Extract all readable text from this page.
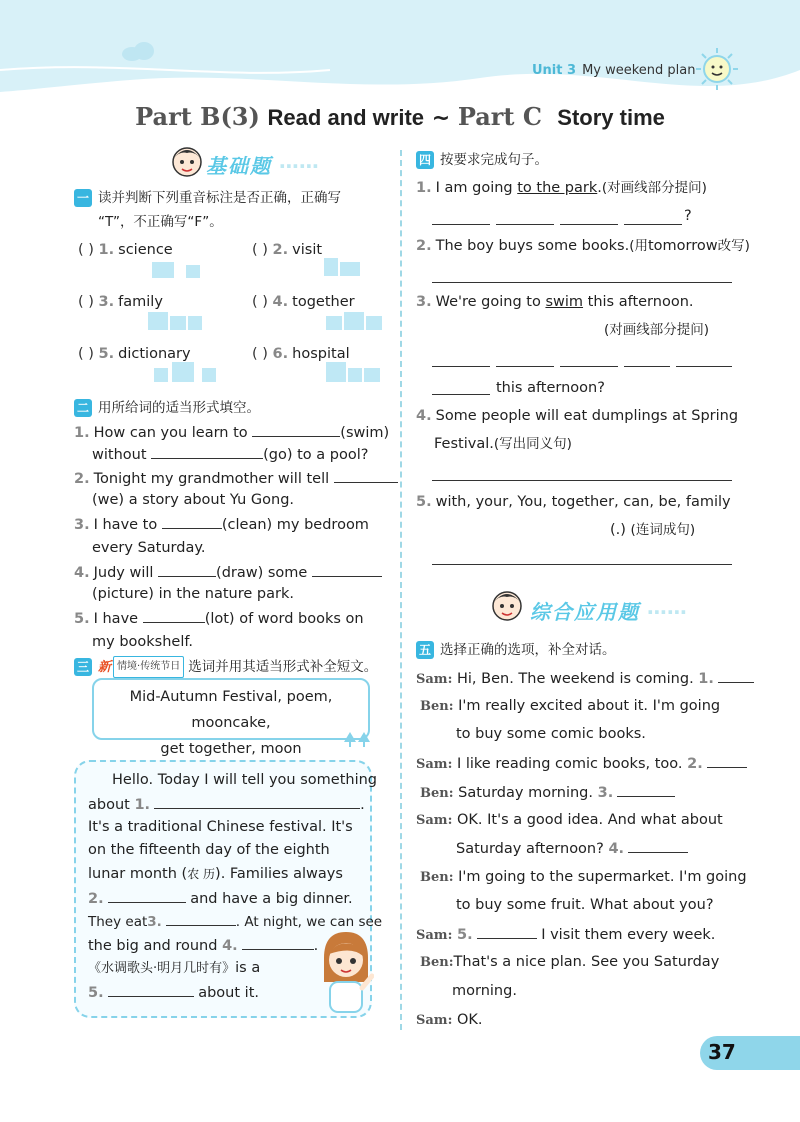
Unit 3 My weekend plan
Part B(3) Read and write ~ Part C Story time
基础题 ⋯⋯
一 读并判断下列重音标注是否正确，正确写
“T”，不正确写“F”。
( ) 1. science	( ) 2. visit
( ) 3. family	( ) 4. together
( ) 5. dictionary	( ) 6. hospital
二 用所给词的适当形式填空。
1. How can you learn to	(swim)
without	(go) to a pool?
2. Tonight my grandmother will tell
(we) a story about Yu Gong.
3. I have to	(clean) my bedroom
every Saturday.
4. Judy will	(draw) some
(picture) in the nature park.
5. I have	(lot) of word books on
my bookshelf.
三 新 情境·传统节日 选词并用其适当形式补全短文。
Mid-Autumn Festival, poem, mooncake,
get together, moon
Hello. Today I will tell you something
about 1.	.
It's a traditional Chinese festival. It's
on the fifteenth day of the eighth
lunar month (农 历). Families always
2.	and have a big dinner.
They eat3.	. At night, we can see
the big and round 4.	.
《水调歌头·明月几时有》is a
5.	about it.
四 按要求完成句子。
1. I am going to the park.(对画线部分提问)
?
2. The boy buys some books.(用tomorrow改写)
3. We're going to swim this afternoon.
(对画线部分提问)
this afternoon?
4. Some people will eat dumplings at Spring
Festival.(写出同义句)
5. with, your, You, together, can, be, family
(.) (连词成句)
综合应用题 ⋯⋯
五 选择正确的选项，补全对话。
Sam: Hi, Ben. The weekend is coming. 1.
Ben: I'm really excited about it. I'm going
to buy some comic books.
Sam: I like reading comic books, too. 2.
Ben: Saturday morning. 3.
Sam: OK. It's a good idea. And what about
Saturday afternoon? 4.
Ben: I'm going to the supermarket. I'm going
to buy some fruit. What about you?
Sam: 5.	I visit them every week.
Ben:That's a nice plan. See you Saturday
morning.
Sam: OK.
37
